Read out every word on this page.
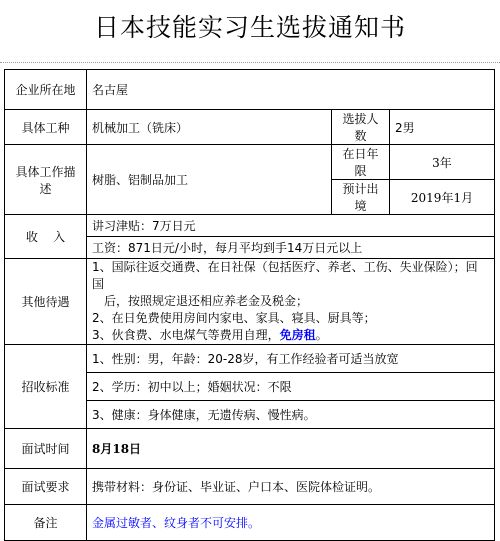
日本技能实习生选拔通知书
企业所在地	名古屋		
具体工种	机械加工（铣床）	选拔人数	2男
具体工作描述	树脂、铝制品加工	在日年限	3年
		预计出境	2019年1月
收    入	讲习津贴：7万日元		
	工资：871日元/小时，每月平均到手14万日元以上		
其他待遇	1、国际往返交通费、在日社保（包括医疗、养老、工伤、失业保险）；回国
后，按照规定退还相应养老金及税金；
2、在日免费使用房间内家电、家具、寝具、厨具等；
3、伙食费、水电煤气等费用自理，免房租。		

招收标准	1、性别：男，年龄：20-28岁，有工作经验者可适当放宽		
	2、学历：初中以上；婚姻状况：不限		
	3、健康：身体健康，无遗传病、慢性病。		
面试时间	8月18日		
面试要求	携带材料：身份证、毕业证、户口本、医院体检证明。		
备注	金属过敏者、纹身者不可安排。		
